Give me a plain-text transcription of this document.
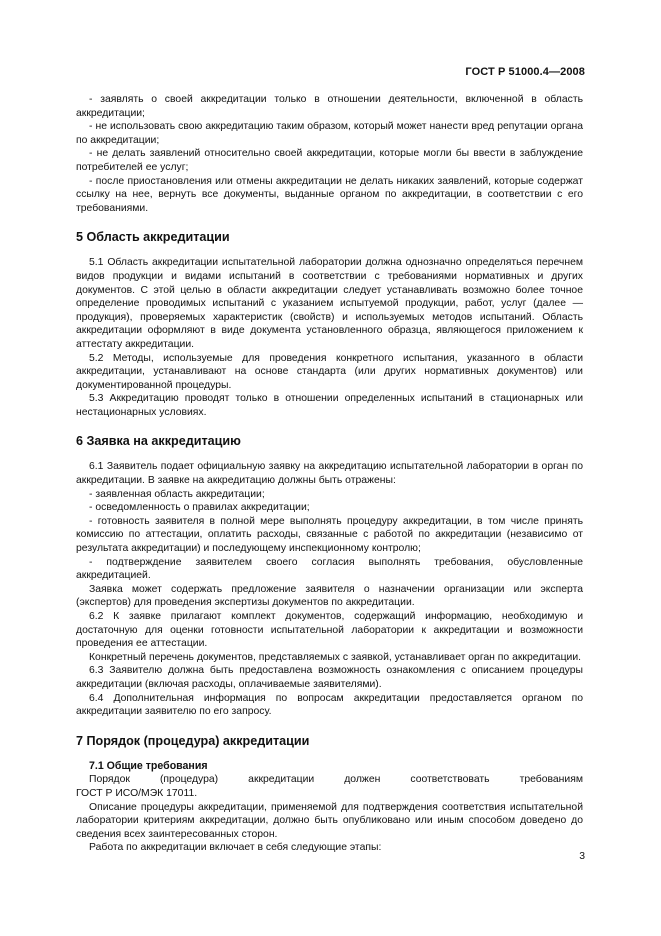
ГОСТ Р 51000.4—2008

- заявлять о своей аккредитации только в отношении деятельности, включенной в область аккредитации;

- не использовать свою аккредитацию таким образом, который может нанести вред репутации органа по аккредитации;

- не делать заявлений относительно своей аккредитации, которые могли бы ввести в заблуждение потребителей ее услуг;

- после приостановления или отмены аккредитации не делать никаких заявлений, которые содержат ссылку на нее, вернуть все документы, выданные органом по аккредитации, в соответствии с его требованиями.

5 Область аккредитации

5.1 Область аккредитации испытательной лаборатории должна однозначно определяться перечнем видов продукции и видами испытаний в соответствии с требованиями нормативных и других документов. С этой целью в области аккредитации следует устанавливать возможно более точное определение проводимых испытаний с указанием испытуемой продукции, работ, услуг (далее — продукция), проверяемых характеристик (свойств) и используемых методов испытаний. Область аккредитации оформляют в виде документа установленного образца, являющегося приложением к аттестату аккредитации.

5.2 Методы, используемые для проведения конкретного испытания, указанного в области аккредитации, устанавливают на основе стандарта (или других нормативных документов) или документированной процедуры.

5.3 Аккредитацию проводят только в отношении определенных испытаний в стационарных или нестационарных условиях.

6 Заявка на аккредитацию

6.1 Заявитель подает официальную заявку на аккредитацию испытательной лаборатории в орган по аккредитации. В заявке на аккредитацию должны быть отражены:

- заявленная область аккредитации;

- осведомленность о правилах аккредитации;

- готовность заявителя в полной мере выполнять процедуру аккредитации, в том числе принять комиссию по аттестации, оплатить расходы, связанные с работой по аккредитации (независимо от результата аккредитации) и последующему инспекционному контролю;

- подтверждение заявителем своего согласия выполнять требования, обусловленные аккредитацией.

Заявка может содержать предложение заявителя о назначении организации или эксперта (экспертов) для проведения экспертизы документов по аккредитации.

6.2 К заявке прилагают комплект документов, содержащий информацию, необходимую и достаточную для оценки готовности испытательной лаборатории к аккредитации и возможности проведения ее аттестации.

Конкретный перечень документов, представляемых с заявкой, устанавливает орган по аккредитации.

6.3 Заявителю должна быть предоставлена возможность ознакомления с описанием процедуры аккредитации (включая расходы, оплачиваемые заявителями).

6.4 Дополнительная информация по вопросам аккредитации предоставляется органом по аккредитации заявителю по его запросу.

7 Порядок (процедура) аккредитации
7.1 Общие требования

Порядок (процедура) аккредитации должен соответствовать требованиям

ГОСТ Р ИСО/МЭК 17011.

Описание процедуры аккредитации, применяемой для подтверждения соответствия испытательной лаборатории критериям аккредитации, должно быть опубликовано или иным способом доведено до сведения всех заинтересованных сторон.

Работа по аккредитации включает в себя следующие этапы:

3
